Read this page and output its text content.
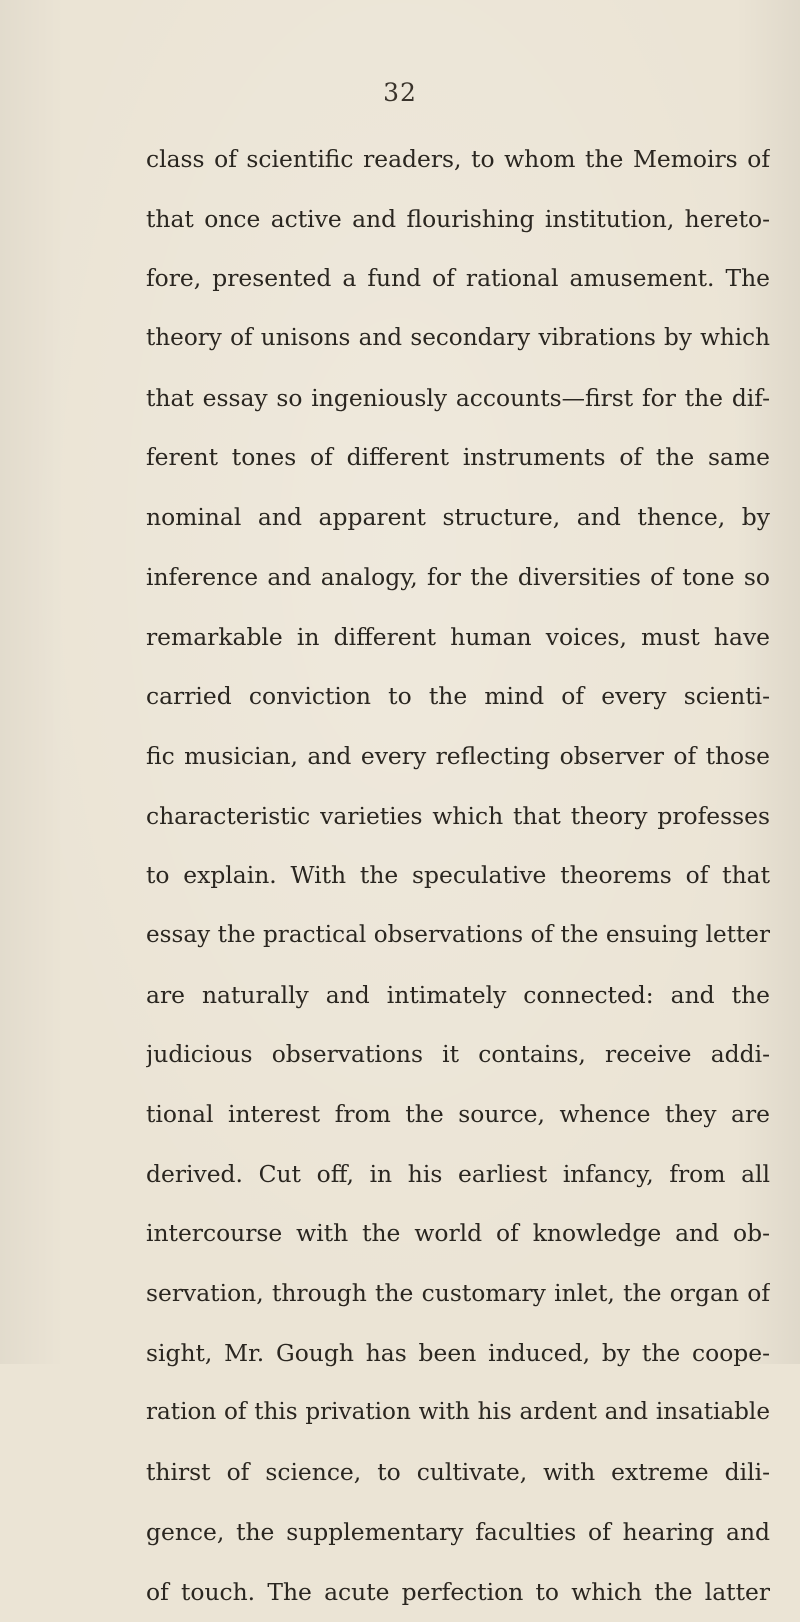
32
class of scientific readers, to whom the Memoirs of
that once active and flourishing institution, hereto-
fore, presented a fund of rational amusement. The
theory of unisons and secondary vibrations by which
that essay so ingeniously accounts—first for the dif-
ferent tones of different instruments of the same
nominal and apparent structure, and thence, by
inference and analogy, for the diversities of tone so
remarkable in different human voices, must have
carried conviction to the mind of every scienti-
fic musician, and every reflecting observer of those
characteristic varieties which that theory professes
to explain. With the speculative theorems of that
essay the practical observations of the ensuing letter
are naturally and intimately connected: and the
judicious observations it contains, receive addi-
tional interest from the source, whence they are
derived. Cut off, in his earliest infancy, from all
intercourse with the world of knowledge and ob-
servation, through the customary inlet, the organ of
sight, Mr. Gough has been induced, by the coope-
ration of this privation with his ardent and insatiable
thirst of science, to cultivate, with extreme dili-
gence, the supplementary faculties of hearing and
of touch. The acute perfection to which the latter
